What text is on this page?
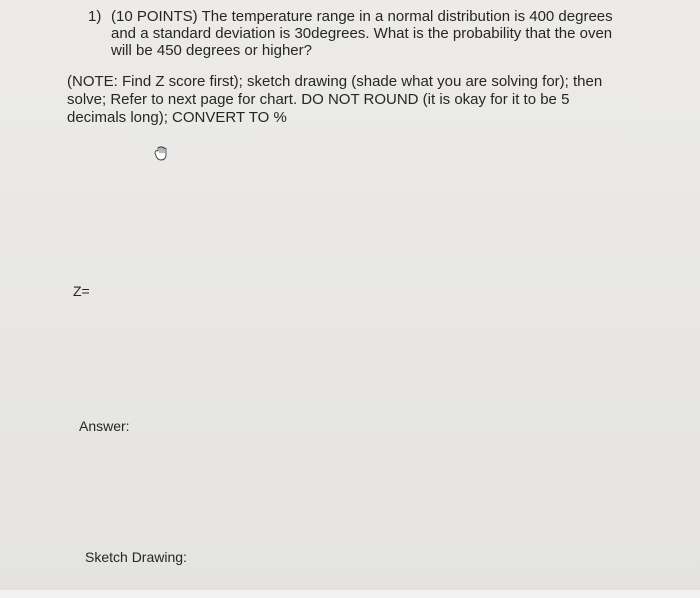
1) (10 POINTS) The temperature range in a normal distribution is 400 degrees
and a standard deviation is 30degrees. What is the probability that the oven
will be 450 degrees or higher?
(NOTE: Find Z score first); sketch drawing (shade what you are solving for); then
solve; Refer to next page for chart. DO NOT ROUND (it is okay for it to be 5
decimals long); CONVERT TO %
Z=
Answer:
Sketch Drawing:
